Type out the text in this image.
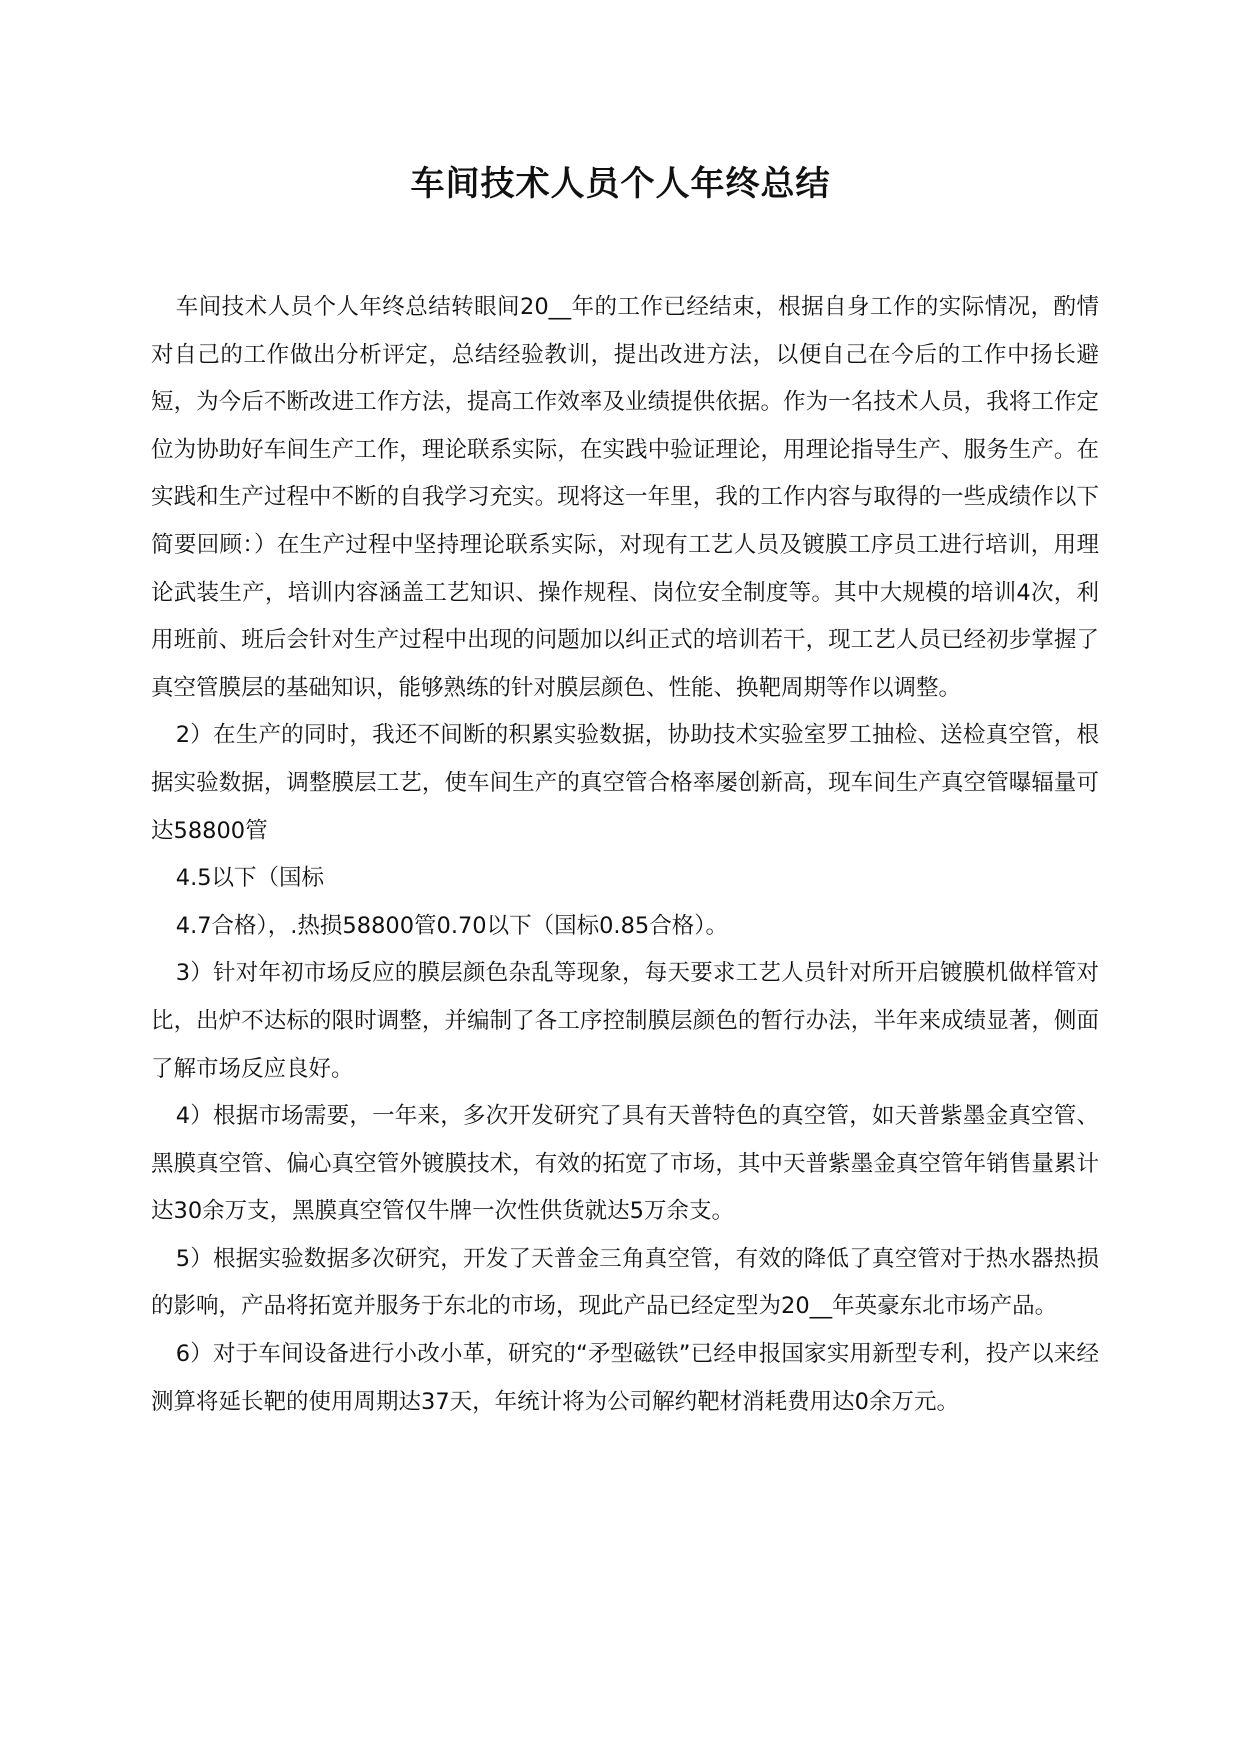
车间技术人员个人年终总结

车间技术人员个人年终总结转眼间20__年的工作已经结束，根据自身工作的实际情况，酌情对自己的工作做出分析评定，总结经验教训，提出改进方法，以便自己在今后的工作中扬长避短，为今后不断改进工作方法，提高工作效率及业绩提供依据。作为一名技术人员，我将工作定位为协助好车间生产工作，理论联系实际，在实践中验证理论，用理论指导生产、服务生产。在实践和生产过程中不断的自我学习充实。现将这一年里，我的工作内容与取得的一些成绩作以下简要回顾：）在生产过程中坚持理论联系实际，对现有工艺人员及镀膜工序员工进行培训，用理论武装生产，培训内容涵盖工艺知识、操作规程、岗位安全制度等。其中大规模的培训4次，利用班前、班后会针对生产过程中出现的问题加以纠正式的培训若干，现工艺人员已经初步掌握了真空管膜层的基础知识，能够熟练的针对膜层颜色、性能、换靶周期等作以调整。

2）在生产的同时，我还不间断的积累实验数据，协助技术实验室罗工抽检、送检真空管，根据实验数据，调整膜层工艺，使车间生产的真空管合格率屡创新高，现车间生产真空管曝辐量可达58800管

4.5以下（国标

4.7合格），.热损58800管0.70以下（国标0.85合格）。

3）针对年初市场反应的膜层颜色杂乱等现象，每天要求工艺人员针对所开启镀膜机做样管对比，出炉不达标的限时调整，并编制了各工序控制膜层颜色的暂行办法，半年来成绩显著，侧面了解市场反应良好。

4）根据市场需要，一年来，多次开发研究了具有天普特色的真空管，如天普紫墨金真空管、黑膜真空管、偏心真空管外镀膜技术，有效的拓宽了市场，其中天普紫墨金真空管年销售量累计达30余万支，黑膜真空管仅牛牌一次性供货就达5万余支。

5）根据实验数据多次研究，开发了天普金三角真空管，有效的降低了真空管对于热水器热损的影响，产品将拓宽并服务于东北的市场，现此产品已经定型为20__年英豪东北市场产品。

6）对于车间设备进行小改小革，研究的“矛型磁铁”已经申报国家实用新型专利，投产以来经测算将延长靶的使用周期达37天，年统计将为公司解约靶材消耗费用达0余万元。
